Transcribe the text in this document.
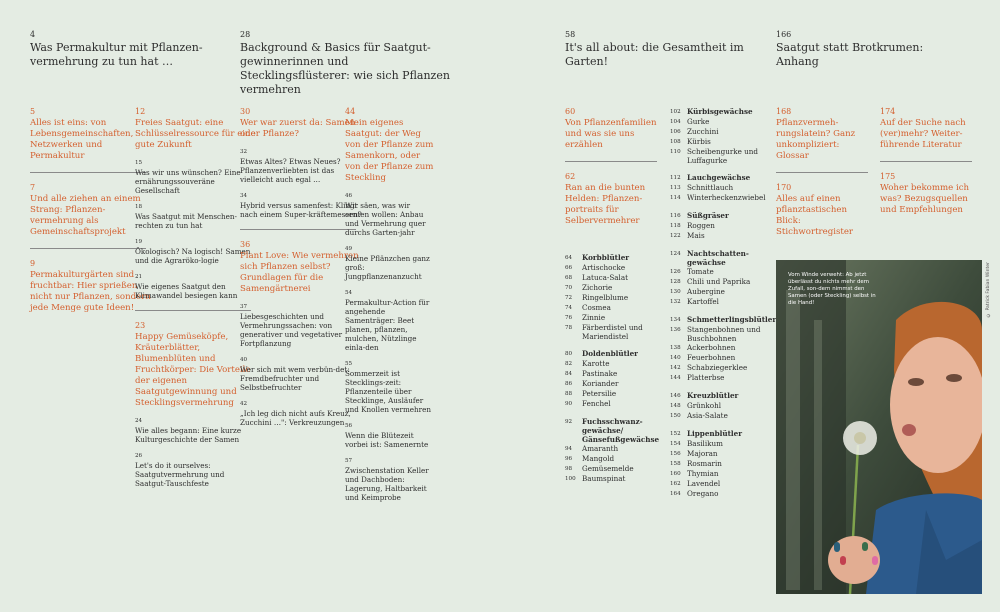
4
Was Permakultur mit Pflanzen-vermehrung zu tun hat …
28
Background & Basics für Saatgut-gewinnerinnen und Stecklingsflüsterer: wie sich Pflanzen vermehren
58
It's all about: die Gesamtheit im Garten!
166
Saatgut statt Brotkrumen: Anhang
5
Alles ist eins: von Lebensgemeinschaften, Netzwerken und Permakultur
7
Und alle ziehen an einem Strang: Pflanzen-vermehrung als Gemeinschaftsprojekt
9
Permakulturgärten sind fruchtbar: Hier sprießen nicht nur Pflanzen, sondern jede Menge gute Ideen!
12
Freies Saatgut: eine Schlüsselressource für eine gute Zukunft
15
Was wir uns wünschen? Eine ernährungssouveräne Gesellschaft
18
Was Saatgut mit Menschen-rechten zu tun hat
19
Ökologisch? Na logisch! Samen und die Agraröko-logie
21
Wie eigenes Saatgut den Klimawandel besiegen kann
23
Happy Gemüseköpfe, Kräuterblätter, Blumenblüten und Fruchtkörper: Die Vorteile der eigenen Saatgutgewinnung und Stecklingsvermehrung
24
Wie alles begann: Eine kurze Kulturgeschichte der Samen
26
Let's do it ourselves: Saatgutvermehrung und Saatgut-Tauschfeste
30
Wer war zuerst da: Samen oder Pflanze?
32
Etwas Altes? Etwas Neues? Pflanzenverliebten ist das vielleicht auch egal …
34
Hybrid versus samenfest: Klingt nach einem Super-kräftemessen?
36
Plant Love: Wie vermehren sich Pflanzen selbst? Grundlagen für die Samengärtnerei
37
Liebesgeschichten und Vermehrungssachen: von generativer und vegetativer Fortpflanzung
40
Wer sich mit wem verbün-det: Fremdbefruchter und Selbstbefruchter
42
„Ich leg dich nicht aufs Kreuz, Zucchini …": Verkreuzungen
44
Mein eigenes Saatgut: der Weg von der Pflanze zum Samenkorn, oder von der Pflanze zum Steckling
46
Wir säen, was wir ernten wollen: Anbau und Vermehrung quer durchs Garten-jahr
49
Kleine Pflänzchen ganz groß: Jungpflanzenanzucht
54
Permakultur-Action für angehende Samenträger: Beet planen, pflanzen, mulchen, Nützlinge einla-den
55
Sommerzeit ist Stecklings-zeit: Pflanzenteile über Stecklinge, Ausläufer und Knollen vermehren
56
Wenn die Blütezeit vorbei ist: Samenernte
57
Zwischenstation Keller und Dachboden: Lagerung, Haltbarkeit und Keimprobe
60
Von Pflanzenfamilien und was sie uns erzählen
62
Ran an die bunten Helden: Pflanzen-portraits für Selbervermehrer
64	Korbblütler
66	Artischocke
68	Latuca-Salat
70	Zichorie
72	Ringelblume
74	Cosmea
76	Zinnie
78	Färberdistel und Mariendistel
80	Doldenblütler
82	Karotte
84	Pastinake
86	Koriander
88	Petersilie
90	Fenchel
92	Fuchsschwanz-gewächse/ Gänsefußgewächse
94	Amaranth
96	Mangold
98	Gemüsemelde
100 Baumspinat
102 Kürbisgewächse
104 Gurke
106 Zucchini
108 Kürbis
110 Scheibengurke und Luffagurke
112 Lauchgewächse
113 Schnittlauch
114 Winterheckenzwiebel
116 Süßgräser
118 Roggen
122 Mais
124 Nachtschatten-gewächse
126 Tomate
128 Chili und Paprika
130 Aubergine
132 Kartoffel
134 Schmetterlingsblütler
136 Stangenbohnen und Buschbohnen
138 Ackerbohnen
140 Feuerbohnen
142 Schabziegerklee
144 Platterbse
146 Kreuzblütler
148 Grünkohl
150 Asia-Salate
152 Lippenblütler
154 Basilikum
156 Majoran
158 Rosmarin
160 Thymian
162 Lavendel
164 Oregano
168
Pflanzvermeh-rungslatein? Ganz unkompliziert: Glossar
170
Alles auf einen pflanztastischen Blick: Stichwortregister
174
Auf der Suche nach (ver)mehr? Weiter-führende Literatur
175
Woher bekomme ich was? Bezugsquellen und Empfehlungen
Vom Winde verweht: Ab jetzt überlässt du nichts mehr dem Zufall, son-dern nimmst den Samen (oder Steckling) selbst in die Hand!	© Patrick Fabian Winter
